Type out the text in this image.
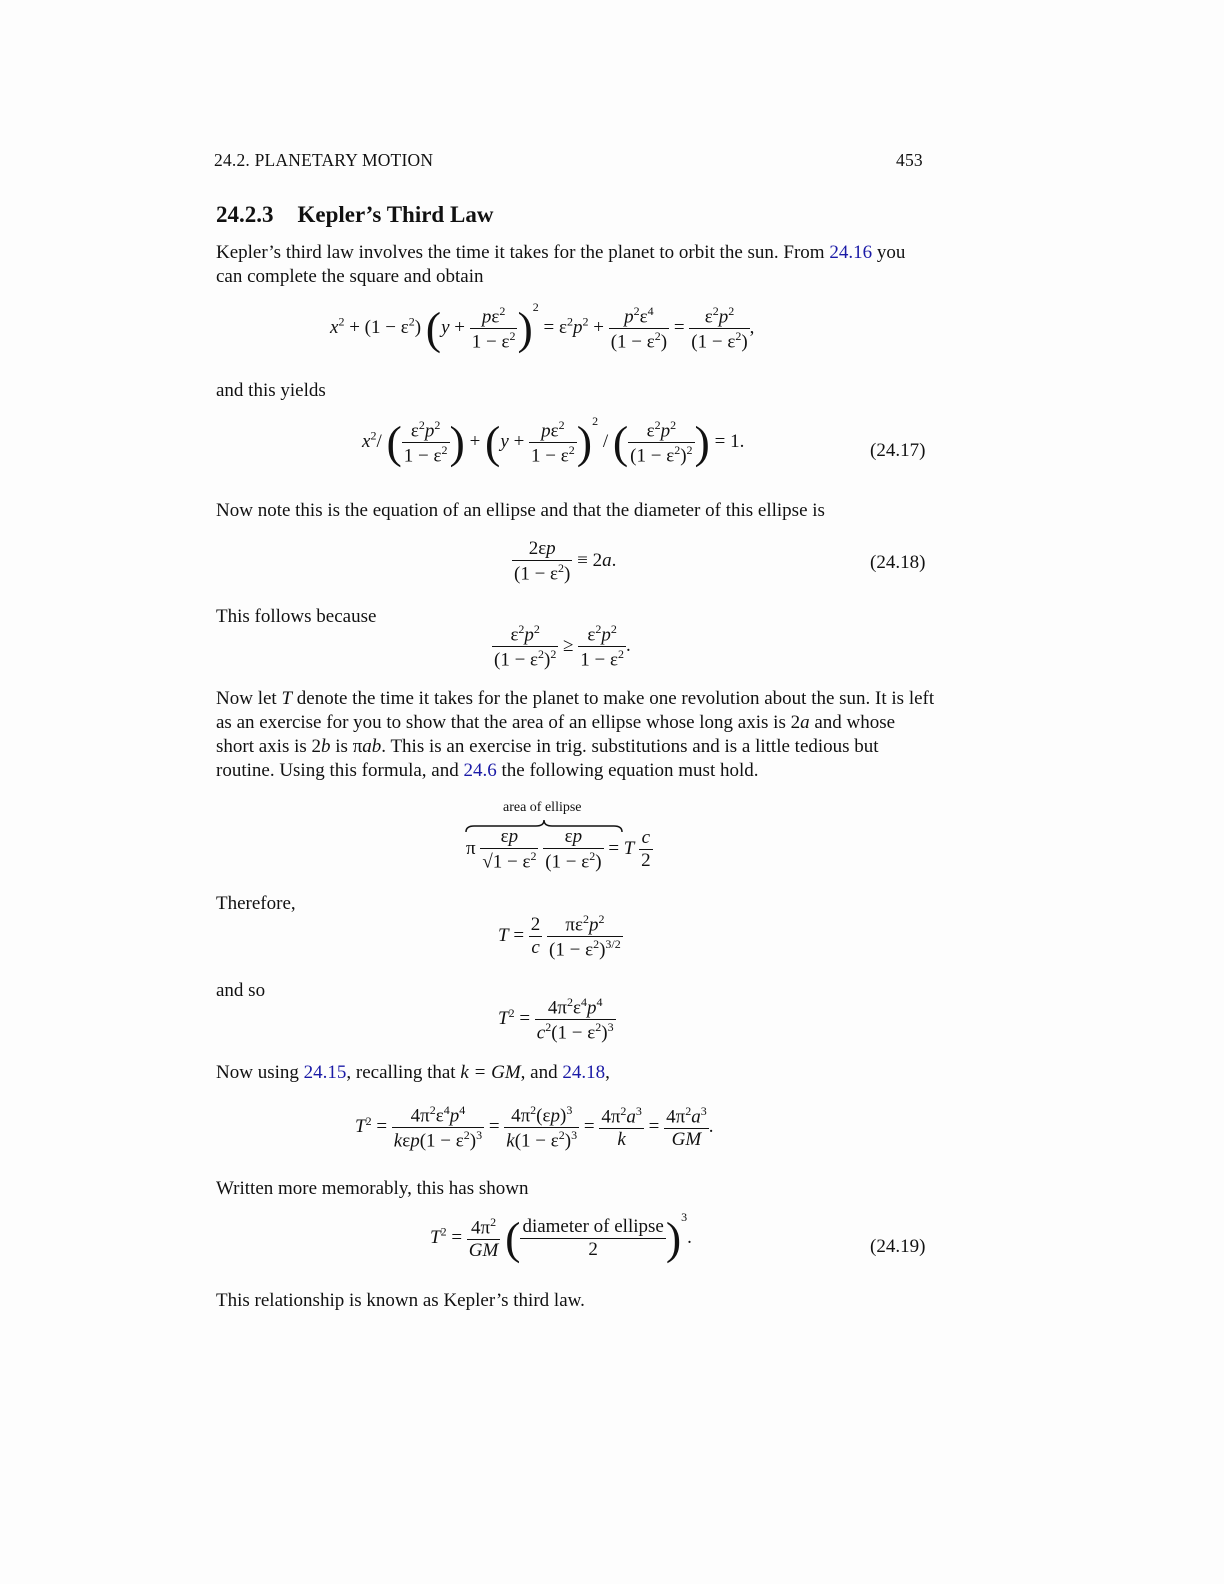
24.2. PLANETARY MOTION	453
24.2.3 Kepler’s Third Law
Kepler’s third law involves the time it takes for the planet to orbit the sun. From 24.16 you can complete the square and obtain
$x^2 + (1 - \varepsilon^2) (y + \frac{p\varepsilon^2}{1 - \varepsilon^2} )^2 = \varepsilon^2p^2 + \frac{p^2\varepsilon^4}{(1 - \varepsilon^2)} = \frac{\varepsilon^2p^2}{(1 - \varepsilon^2)}$ ,
and this yields
$x^2/$ ( $\frac{\varepsilon^2p^2}{1 - \varepsilon^2}$ ) + $(y + \frac{p\varepsilon^2}{1 - \varepsilon^2} )^2$ / ( $\frac{\varepsilon^2p^2}{(1 - \varepsilon^2)^2}$ ) = 1.	(24.17)
Now note this is the equation of an ellipse and that the diameter of this ellipse is
$\frac{2\varepsilon p}{(1 - \varepsilon^2)} \equiv 2a$.	(24.18)
This follows because
$\frac{\varepsilon^2p^2}{(1 - \varepsilon^2)^2} \ge \frac{\varepsilon^2p^2}{1 - \varepsilon^2}$ .
Now let T denote the time it takes for the planet to make one revolution about the sun. It is left as an exercise for you to show that the area of an ellipse whose long axis is 2a and whose short axis is 2b is πab. This is an exercise in trig. substitutions and is a little tedious but routine. Using this formula, and 24.6 the following equation must hold.
area of ellipse
π $\frac{\varepsilon p}{√1 - \varepsilon^2}$
$\frac{\varepsilon p}{(1 - \varepsilon^2)} = T \frac{c}{2}$
Therefore,
$T = \frac{2}{c}$
$\frac{\pi\varepsilon^2p^2}{(1 - \varepsilon^2)^{3/2}}$
and so
$T^2 = \frac{4\pi^2\varepsilon^4p^4}{c^2(1 - \varepsilon^2)^3}$
Now using 24.15, recalling that k = GM, and 24.18,
$T^2$ =
$4\pi^2\varepsilon^4p^4$
$k\varepsilon p(1 - \varepsilon^2)^3 = \frac{4\pi^2(\varepsilon p)^3}{k(1 - \varepsilon^2)^3} = \frac{4\pi^2a^3}{k} = \frac{4\pi^2a^3}{GM}$ .
Written more memorably, this has shown
$T^2 = \frac{4\pi^2}{GM}$ ( diameter of ellipse
2	)$^3$.	(24.19)
This relationship is known as Kepler’s third law.
